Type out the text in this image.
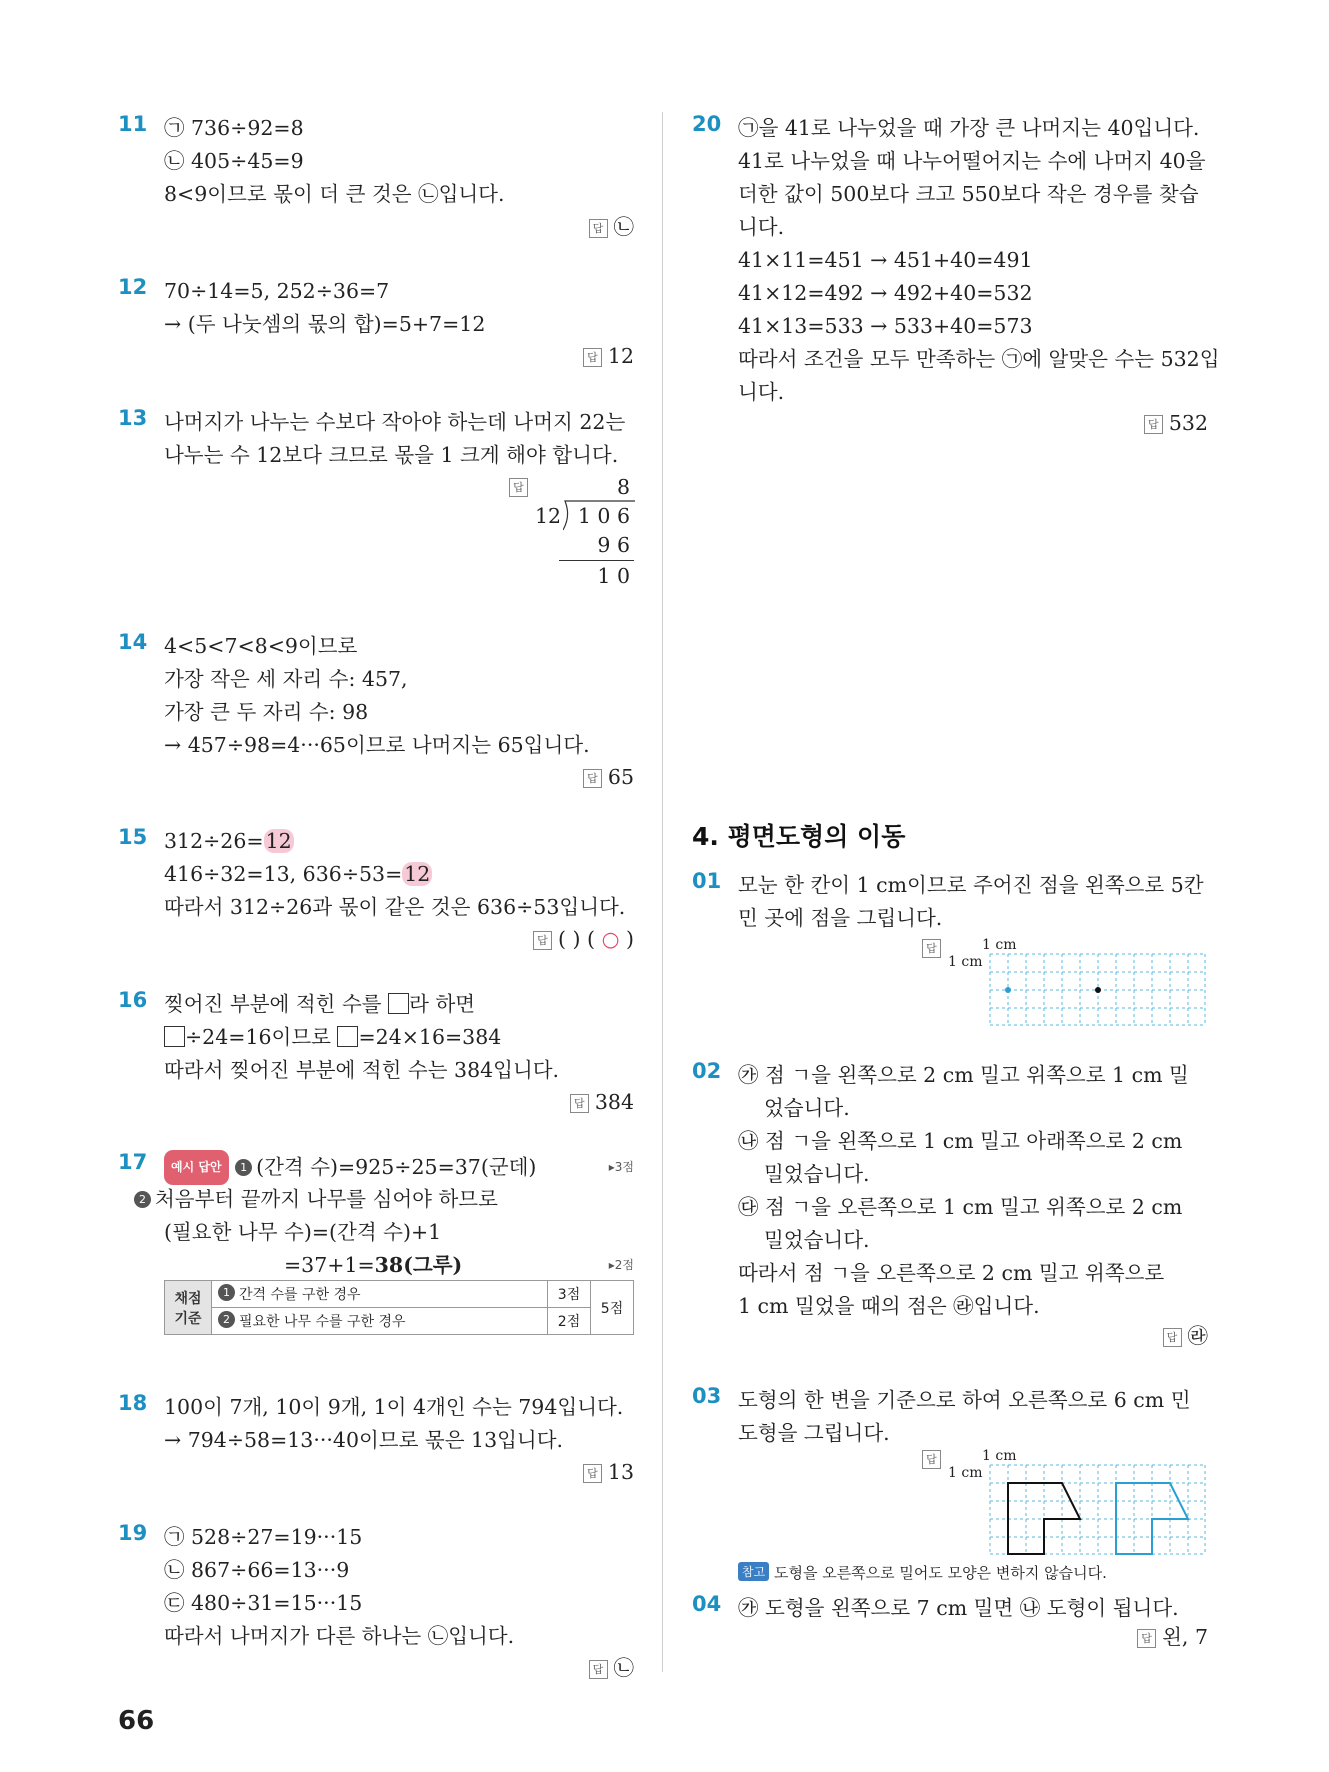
11 ㉠ 736÷92=8
㉡ 405÷45=9
8<9이므로 몫이 더 큰 것은 ㉡입니다.
답 ㉡
12 70÷14=5, 252÷36=7
→ (두 나눗셈의 몫의 합)=5+7=12
답 12
13 나머지가 나누는 수보다 작아야 하는데 나머지 22는
나누는 수 12보다 크므로 몫을 1 크게 해야 합니다.
답	8
12 1 0 6
9 6
1 0
14 4<5<7<8<9이므로
가장 작은 세 자리 수: 457,
가장 큰 두 자리 수: 98
→ 457÷98=4···65이므로 나머지는 65입니다.
답 65
15 312÷26=12
416÷32=13, 636÷53=12
따라서 312÷26과 몫이 같은 것은 636÷53입니다.
답 ( ) ( ○ )
16 찢어진 부분에 적힌 수를 라 하면
÷24=16이므로 =24×16=384
따라서 찢어진 부분에 적힌 수는 384입니다.
답 384
17	예시 답안 1 (간격 수)=925÷25=37(군데)	▸3점
2 처음부터 끝까지 나무를 심어야 하므로
(필요한 나무 수)=(간격 수)+1
=37+1=38(그루)	▸2점
채점
기준	1 간격 수를 구한 경우	3점	5점
	2 필요한 나무 수를 구한 경우	2점	
18 100이 7개, 10이 9개, 1이 4개인 수는 794입니다.
→ 794÷58=13···40이므로 몫은 13입니다.
답 13
19 ㉠ 528÷27=19···15
㉡ 867÷66=13···9
㉢ 480÷31=15···15
따라서 나머지가 다른 하나는 ㉡입니다.
답 ㉡
20 ㉠을 41로 나누었을 때 가장 큰 나머지는 40입니다.
41로 나누었을 때 나누어떨어지는 수에 나머지 40을
더한 값이 500보다 크고 550보다 작은 경우를 찾습
니다.
41×11=451 → 451+40=491
41×12=492 → 492+40=532
41×13=533 → 533+40=573
따라서 조건을 모두 만족하는 ㉠에 알맞은 수는 532입
니다.
답 532
4. 평면도형의 이동
01 모눈 한 칸이 1 cm이므로 주어진 점을 왼쪽으로 5칸
민 곳에 점을 그립니다.
답	1 cm
1 cm
02 ㉮ 점 ㄱ을 왼쪽으로 2 cm 밀고 위쪽으로 1 cm 밀
었습니다.
㉯ 점 ㄱ을 왼쪽으로 1 cm 밀고 아래쪽으로 2 cm
밀었습니다.
㉰ 점 ㄱ을 오른쪽으로 1 cm 밀고 위쪽으로 2 cm
밀었습니다.
따라서 점 ㄱ을 오른쪽으로 2 cm 밀고 위쪽으로
1 cm 밀었을 때의 점은 ㉱입니다.
답 ㉱
03 도형의 한 변을 기준으로 하여 오른쪽으로 6 cm 민
도형을 그립니다.
답	1 cm
1 cm
참고 도형을 오른쪽으로 밀어도 모양은 변하지 않습니다.
04 ㉮ 도형을 왼쪽으로 7 cm 밀면 ㉯ 도형이 됩니다.
답 왼, 7
66
